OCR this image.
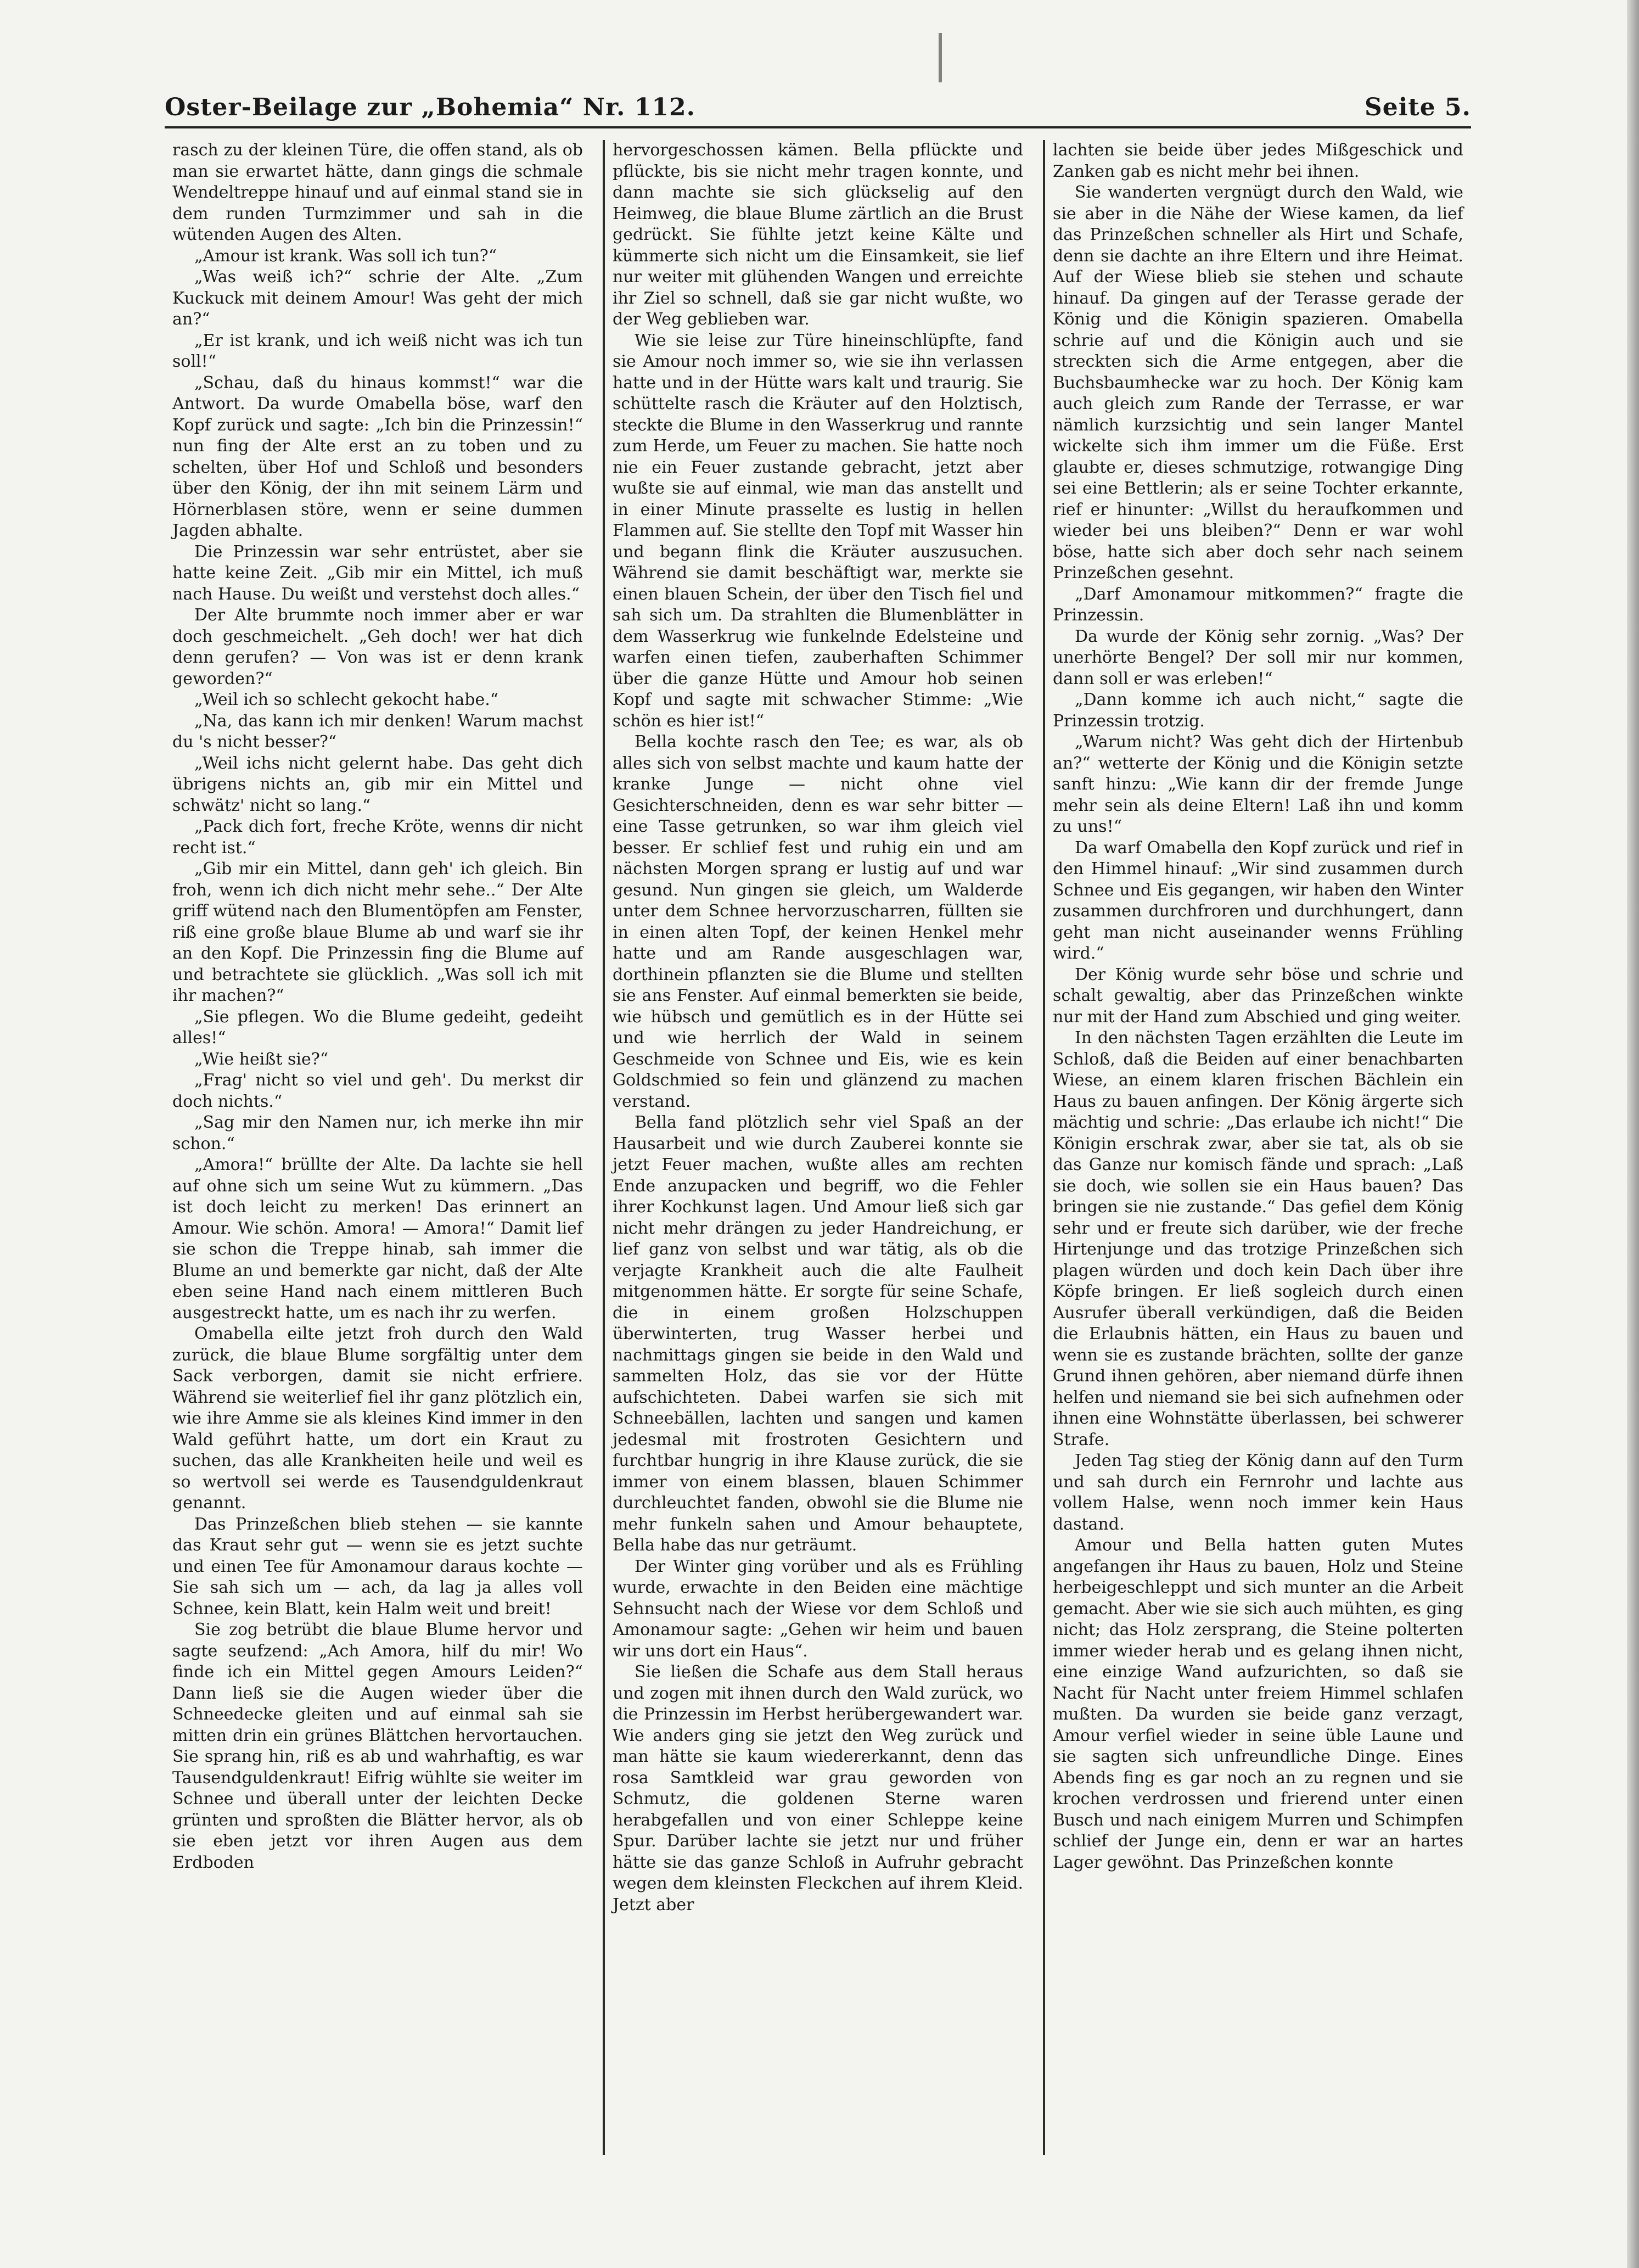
Oster-Beilage zur „Bohemia“ Nr. 112.	Seite 5.

rasch zu der kleinen Türe, die offen stand, als ob man sie erwartet hätte, dann gings die schmale Wendeltreppe hinauf und auf einmal stand sie in dem runden Turmzimmer und sah in die wütenden Augen des Alten.

„Amour ist krank. Was soll ich tun?“

„Was weiß ich?“ schrie der Alte. „Zum Kuckuck mit deinem Amour! Was geht der mich an?“

„Er ist krank, und ich weiß nicht was ich tun soll!“

„Schau, daß du hinaus kommst!“ war die Antwort. Da wurde Omabella böse, warf den Kopf zurück und sagte: „Ich bin die Prinzessin!“ nun fing der Alte erst an zu toben und zu schelten, über Hof und Schloß und besonders über den König, der ihn mit seinem Lärm und Hörnerblasen störe, wenn er seine dummen Jagden abhalte.

Die Prinzessin war sehr entrüstet, aber sie hatte keine Zeit. „Gib mir ein Mittel, ich muß nach Hause. Du weißt und verstehst doch alles.“

Der Alte brummte noch immer aber er war doch geschmeichelt. „Geh doch! wer hat dich denn gerufen? — Von was ist er denn krank geworden?“

„Weil ich so schlecht gekocht habe.“

„Na, das kann ich mir denken! Warum machst du 's nicht besser?“

„Weil ichs nicht gelernt habe. Das geht dich übrigens nichts an, gib mir ein Mittel und schwätz' nicht so lang.“

„Pack dich fort, freche Kröte, wenns dir nicht recht ist.“

„Gib mir ein Mittel, dann geh' ich gleich. Bin froh, wenn ich dich nicht mehr sehe..“ Der Alte griff wütend nach den Blumentöpfen am Fenster, riß eine große blaue Blume ab und warf sie ihr an den Kopf. Die Prinzessin fing die Blume auf und betrachtete sie glücklich. „Was soll ich mit ihr machen?“

„Sie pflegen. Wo die Blume gedeiht, gedeiht alles!“

„Wie heißt sie?“

„Frag' nicht so viel und geh'. Du merkst dir doch nichts.“

„Sag mir den Namen nur, ich merke ihn mir schon.“

„Amora!“ brüllte der Alte. Da lachte sie hell auf ohne sich um seine Wut zu kümmern. „Das ist doch leicht zu merken! Das erinnert an Amour. Wie schön. Amora! — Amora!“ Damit lief sie schon die Treppe hinab, sah immer die Blume an und bemerkte gar nicht, daß der Alte eben seine Hand nach einem mittleren Buch ausgestreckt hatte, um es nach ihr zu werfen.

Omabella eilte jetzt froh durch den Wald zurück, die blaue Blume sorgfältig unter dem Sack verborgen, damit sie nicht erfriere. Während sie weiterlief fiel ihr ganz plötzlich ein, wie ihre Amme sie als kleines Kind immer in den Wald geführt hatte, um dort ein Kraut zu suchen, das alle Krankheiten heile und weil es so wertvoll sei werde es Tausendguldenkraut genannt.

Das Prinzeßchen blieb stehen — sie kannte das Kraut sehr gut — wenn sie es jetzt suchte und einen Tee für Amonamour daraus kochte — Sie sah sich um — ach, da lag ja alles voll Schnee, kein Blatt, kein Halm weit und breit!

Sie zog betrübt die blaue Blume hervor und sagte seufzend: „Ach Amora, hilf du mir! Wo finde ich ein Mittel gegen Amours Leiden?“ Dann ließ sie die Augen wieder über die Schneedecke gleiten und auf einmal sah sie mitten drin ein grünes Blättchen hervortauchen. Sie sprang hin, riß es ab und wahrhaftig, es war Tausendguldenkraut! Eifrig wühlte sie weiter im Schnee und überall unter der leichten Decke grünten und sproßten die Blätter hervor, als ob sie eben jetzt vor ihren Augen aus dem Erdboden

hervorgeschossen kämen. Bella pflückte und pflückte, bis sie nicht mehr tragen konnte, und dann machte sie sich glückselig auf den Heimweg, die blaue Blume zärtlich an die Brust gedrückt. Sie fühlte jetzt keine Kälte und kümmerte sich nicht um die Einsamkeit, sie lief nur weiter mit glühenden Wangen und erreichte ihr Ziel so schnell, daß sie gar nicht wußte, wo der Weg geblieben war.

Wie sie leise zur Türe hineinschlüpfte, fand sie Amour noch immer so, wie sie ihn verlassen hatte und in der Hütte wars kalt und traurig. Sie schüttelte rasch die Kräuter auf den Holztisch, steckte die Blume in den Wasserkrug und rannte zum Herde, um Feuer zu machen. Sie hatte noch nie ein Feuer zustande gebracht, jetzt aber wußte sie auf einmal, wie man das anstellt und in einer Minute prasselte es lustig in hellen Flammen auf. Sie stellte den Topf mit Wasser hin und begann flink die Kräuter auszusuchen. Während sie damit beschäftigt war, merkte sie einen blauen Schein, der über den Tisch fiel und sah sich um. Da strahlten die Blumenblätter in dem Wasserkrug wie funkelnde Edelsteine und warfen einen tiefen, zauberhaften Schimmer über die ganze Hütte und Amour hob seinen Kopf und sagte mit schwacher Stimme: „Wie schön es hier ist!“

Bella kochte rasch den Tee; es war, als ob alles sich von selbst machte und kaum hatte der kranke Junge — nicht ohne viel Gesichterschneiden, denn es war sehr bitter — eine Tasse getrunken, so war ihm gleich viel besser. Er schlief fest und ruhig ein und am nächsten Morgen sprang er lustig auf und war gesund. Nun gingen sie gleich, um Walderde unter dem Schnee hervorzuscharren, füllten sie in einen alten Topf, der keinen Henkel mehr hatte und am Rande ausgeschlagen war, dorthinein pflanzten sie die Blume und stellten sie ans Fenster. Auf einmal bemerkten sie beide, wie hübsch und gemütlich es in der Hütte sei und wie herrlich der Wald in seinem Geschmeide von Schnee und Eis, wie es kein Goldschmied so fein und glänzend zu machen verstand.

Bella fand plötzlich sehr viel Spaß an der Hausarbeit und wie durch Zauberei konnte sie jetzt Feuer machen, wußte alles am rechten Ende anzupacken und begriff, wo die Fehler ihrer Kochkunst lagen. Und Amour ließ sich gar nicht mehr drängen zu jeder Handreichung, er lief ganz von selbst und war tätig, als ob die verjagte Krankheit auch die alte Faulheit mitgenommen hätte. Er sorgte für seine Schafe, die in einem großen Holzschuppen überwinterten, trug Wasser herbei und nachmittags gingen sie beide in den Wald und sammelten Holz, das sie vor der Hütte aufschichteten. Dabei warfen sie sich mit Schneebällen, lachten und sangen und kamen jedesmal mit frostroten Gesichtern und furchtbar hungrig in ihre Klause zurück, die sie immer von einem blassen, blauen Schimmer durchleuchtet fanden, obwohl sie die Blume nie mehr funkeln sahen und Amour behauptete, Bella habe das nur geträumt.

Der Winter ging vorüber und als es Frühling wurde, erwachte in den Beiden eine mächtige Sehnsucht nach der Wiese vor dem Schloß und Amonamour sagte: „Gehen wir heim und bauen wir uns dort ein Haus“.

Sie ließen die Schafe aus dem Stall heraus und zogen mit ihnen durch den Wald zurück, wo die Prinzessin im Herbst herübergewandert war. Wie anders ging sie jetzt den Weg zurück und man hätte sie kaum wiedererkannt, denn das rosa Samtkleid war grau geworden von Schmutz, die goldenen Sterne waren herabgefallen und von einer Schleppe keine Spur. Darüber lachte sie jetzt nur und früher hätte sie das ganze Schloß in Aufruhr gebracht wegen dem kleinsten Fleckchen auf ihrem Kleid. Jetzt aber

lachten sie beide über jedes Mißgeschick und Zanken gab es nicht mehr bei ihnen.

Sie wanderten vergnügt durch den Wald, wie sie aber in die Nähe der Wiese kamen, da lief das Prinzeßchen schneller als Hirt und Schafe, denn sie dachte an ihre Eltern und ihre Heimat. Auf der Wiese blieb sie stehen und schaute hinauf. Da gingen auf der Terasse gerade der König und die Königin spazieren. Omabella schrie auf und die Königin auch und sie streckten sich die Arme entgegen, aber die Buchsbaumhecke war zu hoch. Der König kam auch gleich zum Rande der Terrasse, er war nämlich kurzsichtig und sein langer Mantel wickelte sich ihm immer um die Füße. Erst glaubte er, dieses schmutzige, rotwangige Ding sei eine Bettlerin; als er seine Tochter erkannte, rief er hinunter: „Willst du heraufkommen und wieder bei uns bleiben?“ Denn er war wohl böse, hatte sich aber doch sehr nach seinem Prinzeßchen gesehnt.

„Darf Amonamour mitkommen?“ fragte die Prinzessin.

Da wurde der König sehr zornig. „Was? Der unerhörte Bengel? Der soll mir nur kommen, dann soll er was erleben!“

„Dann komme ich auch nicht,“ sagte die Prinzessin trotzig.

„Warum nicht? Was geht dich der Hirtenbub an?“ wetterte der König und die Königin setzte sanft hinzu: „Wie kann dir der fremde Junge mehr sein als deine Eltern! Laß ihn und komm zu uns!“

Da warf Omabella den Kopf zurück und rief in den Himmel hinauf: „Wir sind zusammen durch Schnee und Eis gegangen, wir haben den Winter zusammen durchfroren und durchhungert, dann geht man nicht auseinander wenns Frühling wird.“

Der König wurde sehr böse und schrie und schalt gewaltig, aber das Prinzeßchen winkte nur mit der Hand zum Abschied und ging weiter.

In den nächsten Tagen erzählten die Leute im Schloß, daß die Beiden auf einer benachbarten Wiese, an einem klaren frischen Bächlein ein Haus zu bauen anfingen. Der König ärgerte sich mächtig und schrie: „Das erlaube ich nicht!“ Die Königin erschrak zwar, aber sie tat, als ob sie das Ganze nur komisch fände und sprach: „Laß sie doch, wie sollen sie ein Haus bauen? Das bringen sie nie zustande.“ Das gefiel dem König sehr und er freute sich darüber, wie der freche Hirtenjunge und das trotzige Prinzeßchen sich plagen würden und doch kein Dach über ihre Köpfe bringen. Er ließ sogleich durch einen Ausrufer überall verkündigen, daß die Beiden die Erlaubnis hätten, ein Haus zu bauen und wenn sie es zustande brächten, sollte der ganze Grund ihnen gehören, aber niemand dürfe ihnen helfen und niemand sie bei sich aufnehmen oder ihnen eine Wohnstätte überlassen, bei schwerer Strafe.

Jeden Tag stieg der König dann auf den Turm und sah durch ein Fernrohr und lachte aus vollem Halse, wenn noch immer kein Haus dastand.

Amour und Bella hatten guten Mutes angefangen ihr Haus zu bauen, Holz und Steine herbeigeschleppt und sich munter an die Arbeit gemacht. Aber wie sie sich auch mühten, es ging nicht; das Holz zersprang, die Steine polterten immer wieder herab und es gelang ihnen nicht, eine einzige Wand aufzurichten, so daß sie Nacht für Nacht unter freiem Himmel schlafen mußten. Da wurden sie beide ganz verzagt, Amour verfiel wieder in seine üble Laune und sie sagten sich unfreundliche Dinge. Eines Abends fing es gar noch an zu regnen und sie krochen verdrossen und frierend unter einen Busch und nach einigem Murren und Schimpfen schlief der Junge ein, denn er war an hartes Lager gewöhnt. Das Prinzeßchen konnte
